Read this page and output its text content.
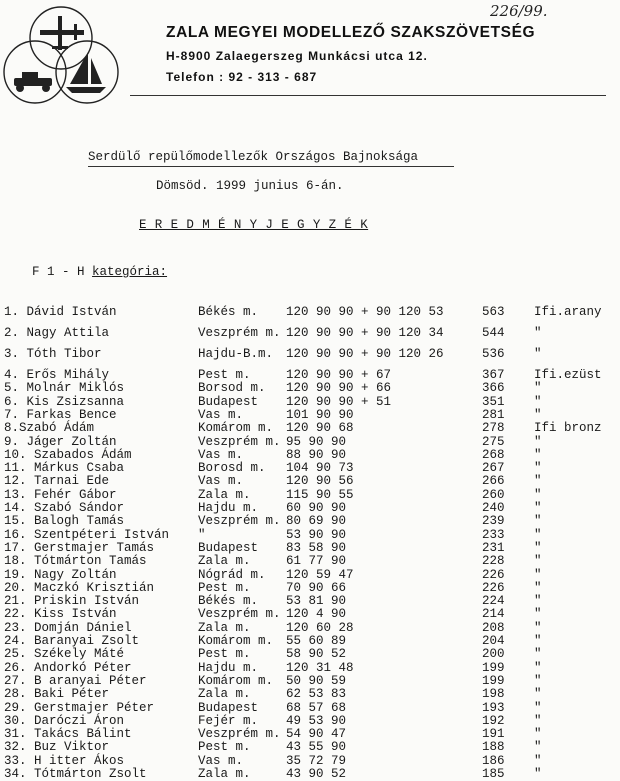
226/99.
ZALA MEGYEI MODELLEZŐ SZAKSZÖVETSÉG
H-8900 Zalaegerszeg Munkácsi utca 12.
Telefon : 92 - 313 - 687
Serdülő repülőmodellezők Országos Bajnoksága
Dömsöd. 1999 junius 6-án.
E R E D M É N Y J E G Y Z É K
F 1 - H kategória:
1. Dávid István	Békés m. 120 90 90 + 90 120 53	563 Ifi.arany
2. Nagy Attila	Veszprém m. 120 90 90 + 90 120 34	544 "
3. Tóth Tibor	Hajdu-B.m. 120 90 90 + 90 120 26	536 "
4. Erős Mihály	Pest m.	120 90 90 + 67	367 Ifi.ezüst
5. Molnár Miklós	Borsod m. 120 90 90 + 66	366 "
6. Kis Zsizsanna	Budapest 120 90 90 + 51	351 "
7. Farkas Bence	Vas m.	101 90 90	281 "
8.Szabó Ádám	Komárom m. 120 90 68	278 Ifi bronz
9. Jáger Zoltán	Veszprém m. 95 90 90	275 "
10. Szabados Ádám	Vas m.	88 90 90	268 "
11. Márkus Csaba	Borosd m. 104 90 73	267 "
12. Tarnai Ede	Vas m.	120 90 56	266 "
13. Fehér Gábor	Zala m.	115 90 55	260 "
14. Szabó Sándor	Hajdu m. 60 90 90	240 "
15. Balogh Tamás	Veszprém m. 80 69 90	239 "
16. Szentpéteri István "	53 90 90	233 "
17. Gerstmajer Tamás	Budapest 83 58 90	231 "
18. Tótmárton Tamás	Zala m.	61 77 90	228 "
19. Nagy Zoltán	Nógrád m. 120 59 47	226 "
20. Maczkó Krisztián	Pest m.	70 90 66	226 "
21. Priskin István	Békés m. 53 81 90	224 "
22. Kiss István	Veszprém m. 120 4 90	214 "
23. Domján Dániel	Zala m.	120 60 28	208 "
24. Baranyai Zsolt	Komárom m. 55 60 89	204 "
25. Székely Máté	Pest m.	58 90 52	200 "
26. Andorkó Péter	Hajdu m. 120 31 48	199 "
27. B aranyai Péter	Komárom m. 50 90 59	199 "
28. Baki Péter	Zala m.	62 53 83	198 "
29. Gerstmajer Péter	Budapest 68 57 68	193 "
30. Daróczi Áron	Fejér m. 49 53 90	192 "
31. Takács Bálint	Veszprém m. 54 90 47	191 "
32. Buz Viktor	Pest m.	43 55 90	188 "
33. H itter Ákos	Vas m.	35 72 79	186 "
34. Tótmárton Zsolt	Zala m.	43 90 52	185 "
